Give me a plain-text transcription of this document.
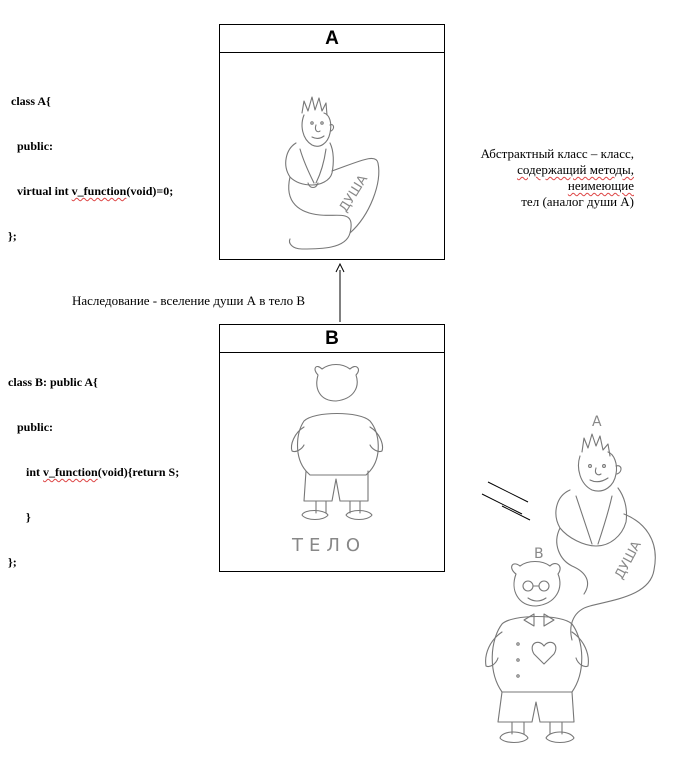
class A{

public:

virtual int v_function(void)=0;

};

class B: public A{

public:

int v_function(void){return S;

}

};

A
ДУША
Абстрактный класс – класс,
содержащий методы,
неимеющие
тел (аналог души А)
Наследование - вселение души А в тело В
B
ТЕЛО
А
ДУША
В
